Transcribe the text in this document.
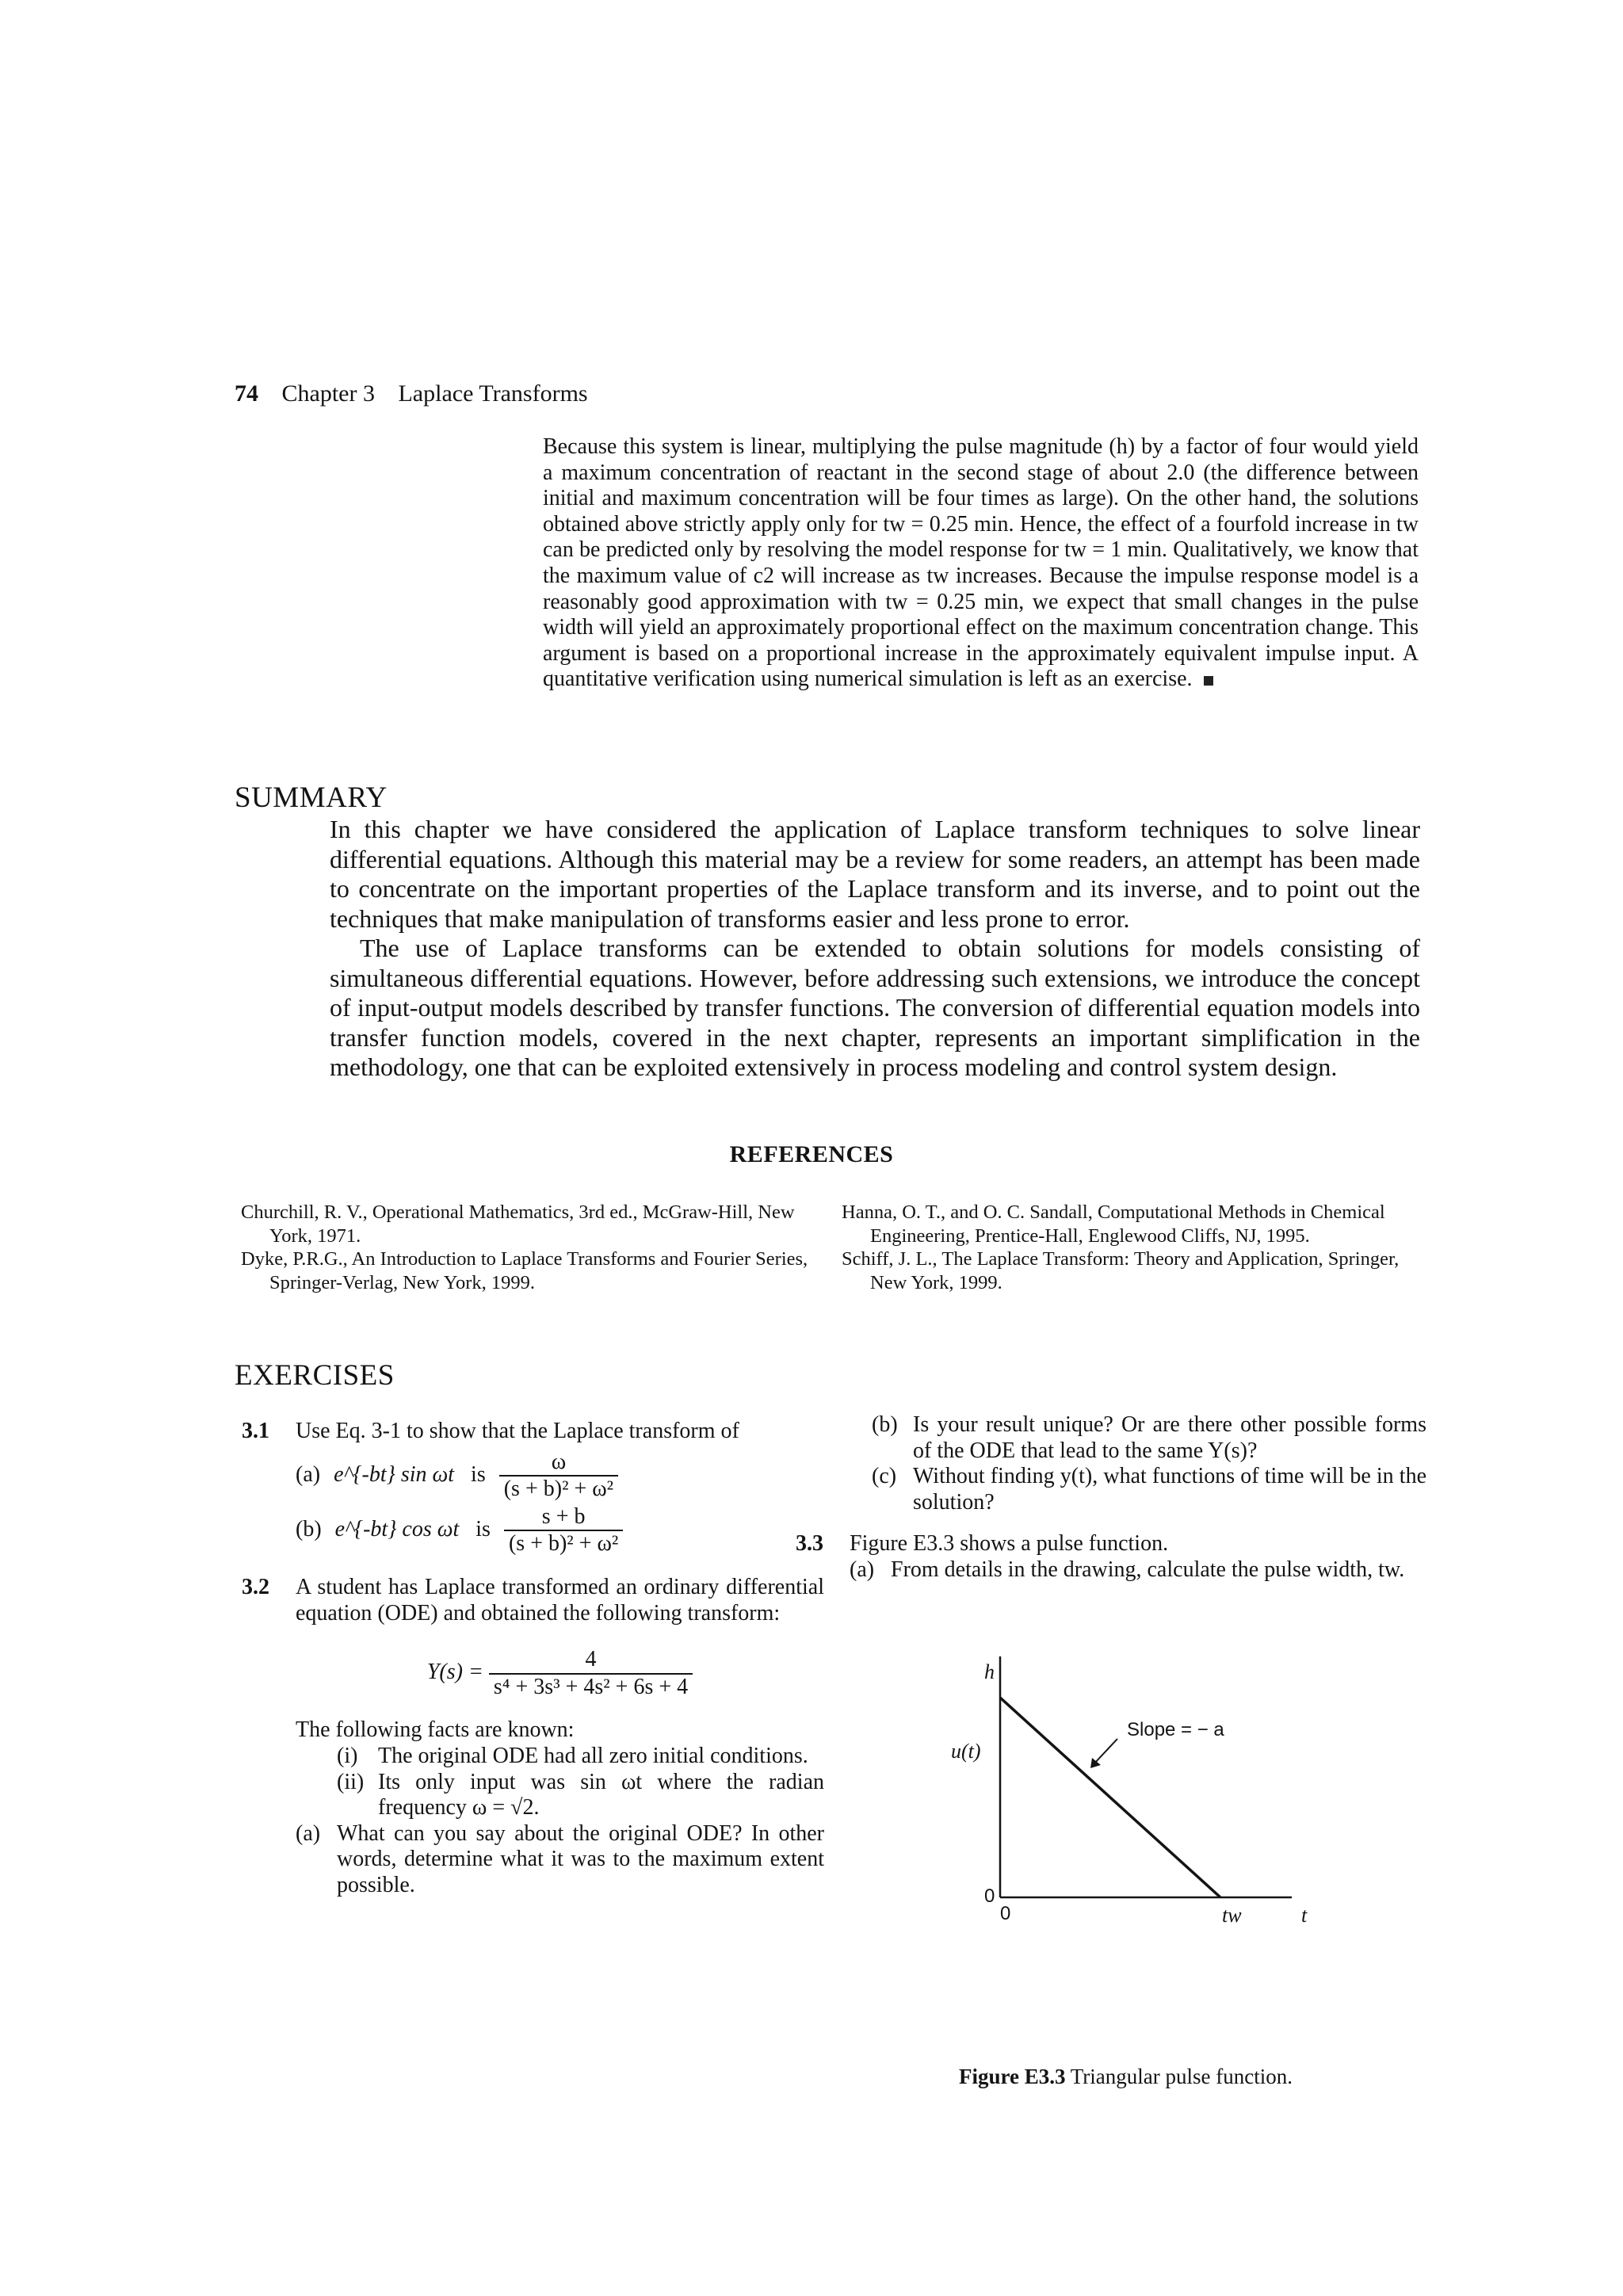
74 Chapter 3 Laplace Transforms

Because this system is linear, multiplying the pulse magnitude (h) by a factor of four would yield a maximum concentration of reactant in the second stage of about 2.0 (the difference between initial and maximum concentration will be four times as large). On the other hand, the solutions obtained above strictly apply only for tw = 0.25 min. Hence, the effect of a fourfold increase in tw can be predicted only by resolving the model response for tw = 1 min. Qualitatively, we know that the maximum value of c2 will increase as tw increases. Because the impulse response model is a reasonably good approximation with tw = 0.25 min, we expect that small changes in the pulse width will yield an approximately proportional effect on the maximum concentration change. This argument is based on a proportional increase in the approximately equivalent impulse input. A quantitative verification using numerical simulation is left as an exercise.

SUMMARY

In this chapter we have considered the application of Laplace transform techniques to solve linear differential equations. Although this material may be a review for some readers, an attempt has been made to concentrate on the important properties of the Laplace transform and its inverse, and to point out the techniques that make manipulation of transforms easier and less prone to error.

The use of Laplace transforms can be extended to obtain solutions for models consisting of simultaneous differential equations. However, before addressing such extensions, we introduce the concept of input-output models described by transfer functions. The conversion of differential equation models into transfer function models, covered in the next chapter, represents an important simplification in the methodology, one that can be exploited extensively in process modeling and control system design.

REFERENCES

Churchill, R. V., Operational Mathematics, 3rd ed., McGraw-Hill, New York, 1971.

Dyke, P.R.G., An Introduction to Laplace Transforms and Fourier Series, Springer-Verlag, New York, 1999.

Hanna, O. T., and O. C. Sandall, Computational Methods in Chemical Engineering, Prentice-Hall, Englewood Cliffs, NJ, 1995.

Schiff, J. L., The Laplace Transform: Theory and Application, Springer, New York, 1999.

EXERCISES
3.1 Use Eq. 3-1 to show that the Laplace transform of

(a) e^{-bt} sin ωt is $\frac{\omega}{\text{(s + b)² + ω²}}$
(b) e^{-bt} cos ωt is $\frac{s + b}{\text{(s + b)² + ω²}}$
3.2 A student has Laplace transformed an ordinary differential equation (ODE) and obtained the following transform:

$Y(s) = \frac{4}{\text{s⁴ + 3s³ + 4s² + 6s + 4}}$

The following facts are known:

(i) The original ODE had all zero initial conditions.
(ii) Its only input was sin ωt where the radian frequency ω = √2.
(a) What can you say about the original ODE? In other words, determine what it was to the maximum extent possible.
(b) Is your result unique? Or are there other possible forms of the ODE that lead to the same Y(s)?
(c) Without finding y(t), what functions of time will be in the solution?
3.3 Figure E3.3 shows a pulse function.

(a) From details in the drawing, calculate the pulse width, tw.
h
u(t)
0
0	tw	t
Slope = − a
Figure E3.3 Triangular pulse function.
